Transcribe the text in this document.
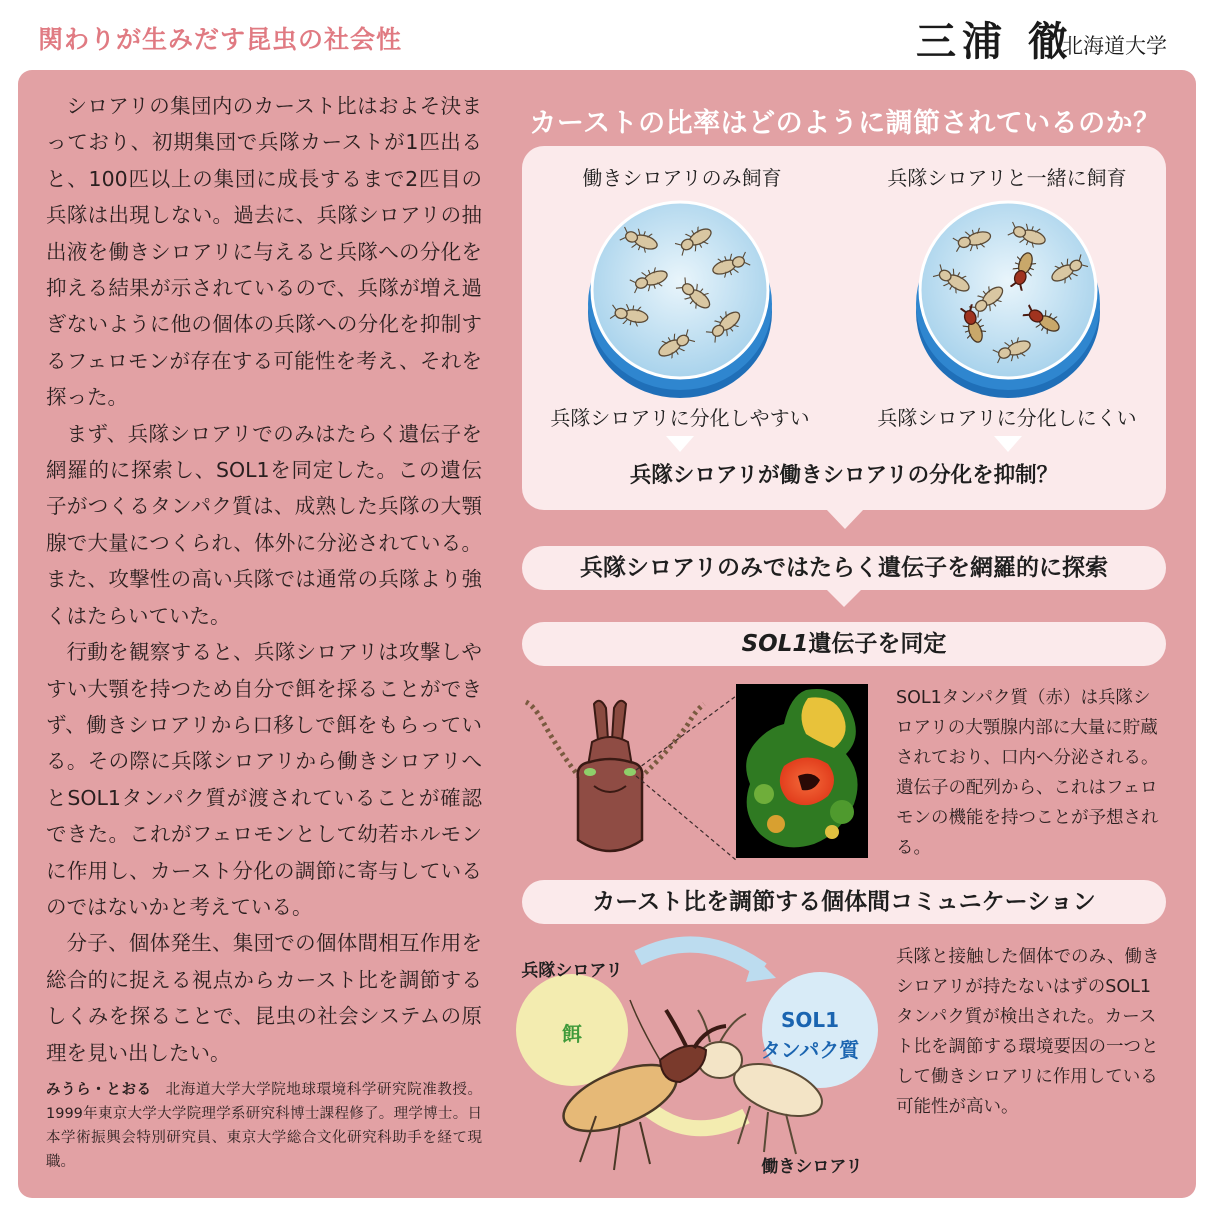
関わりが生みだす昆虫の社会性	三浦 徹
北海道大学

シロアリの集団内のカースト比はおよそ決まっており、初期集団で兵隊カーストが1匹出ると、100匹以上の集団に成長するまで2匹目の兵隊は出現しない。過去に、兵隊シロアリの抽出液を働きシロアリに与えると兵隊への分化を抑える結果が示されているので、兵隊が増え過ぎないように他の個体の兵隊への分化を抑制するフェロモンが存在する可能性を考え、それを探った。

まず、兵隊シロアリでのみはたらく遺伝子を網羅的に探索し、SOL1を同定した。この遺伝子がつくるタンパク質は、成熟した兵隊の大顎腺で大量につくられ、体外に分泌されている。また、攻撃性の高い兵隊では通常の兵隊より強くはたらいていた。

行動を観察すると、兵隊シロアリは攻撃しやすい大顎を持つため自分で餌を採ることができず、働きシロアリから口移しで餌をもらっている。その際に兵隊シロアリから働きシロアリへとSOL1タンパク質が渡されていることが確認できた。これがフェロモンとして幼若ホルモンに作用し、カースト分化の調節に寄与しているのではないかと考えている。

分子、個体発生、集団での個体間相互作用を総合的に捉える視点からカースト比を調節するしくみを探ることで、昆虫の社会システムの原理を見い出したい。

みうら・とおる 北海道大学大学院地球環境科学研究院准教授。1999年東京大学大学院理学系研究科博士課程修了。理学博士。日本学術振興会特別研究員、東京大学総合文化研究科助手を経て現職。
カーストの比率はどのように調節されているのか？
働きシロアリのみ飼育	兵隊シロアリと一緒に飼育
兵隊シロアリに分化しやすい	兵隊シロアリに分化しにくい
兵隊シロアリが働きシロアリの分化を抑制？
兵隊シロアリのみではたらく遺伝子を網羅的に探索
SOL1遺伝子を同定
SOL1タンパク質（赤）は兵隊シロアリの大顎腺内部に大量に貯蔵されており、口内へ分泌される。遺伝子の配列から、これはフェロモンの機能を持つことが予想される。
カースト比を調節する個体間コミュニケーション
兵隊シロアリ
餌
SOL1
タンパク質
働きシロアリ
兵隊と接触した個体でのみ、働きシロアリが持たないはずのSOL1タンパク質が検出された。カースト比を調節する環境要因の一つとして働きシロアリに作用している可能性が高い。
